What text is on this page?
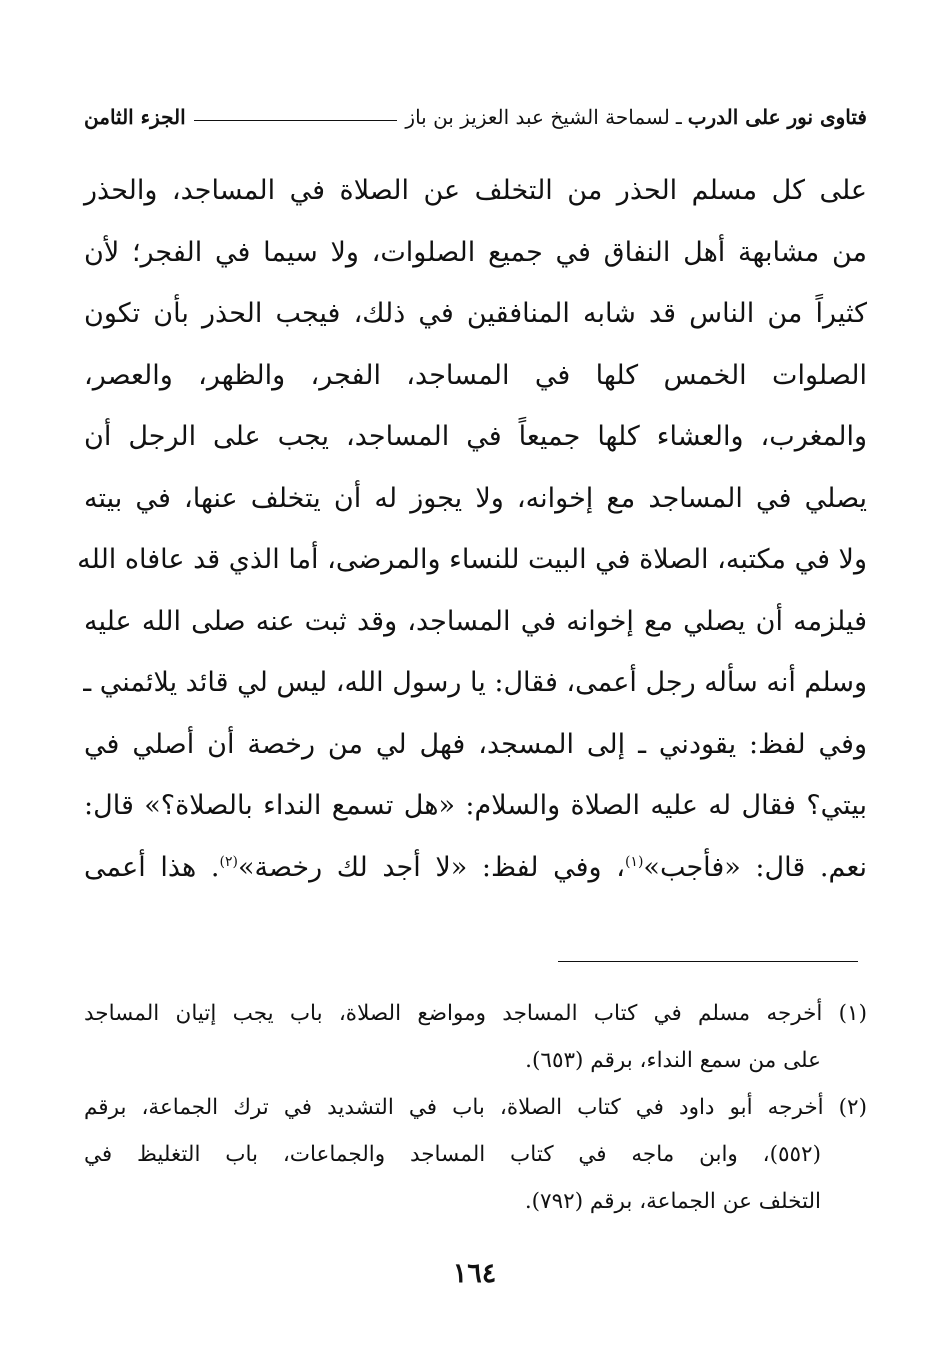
فتاوى نور على الدرب
ـ
لسماحة الشيخ عبد العزيز بن باز
الجزء الثامن
على كل مسلم الحذر من التخلف عن الصلاة في المساجد، والحذر
من مشابهة أهل النفاق في جميع الصلوات، ولا سيما في الفجر؛ لأن
كثيراً من الناس قد شابه المنافقين في ذلك، فيجب الحذر بأن تكون
الصلوات الخمس كلها في المساجد، الفجر، والظهر، والعصر،
والمغرب، والعشاء كلها جميعاً في المساجد، يجب على الرجل أن
يصلي في المساجد مع إخوانه، ولا يجوز له أن يتخلف عنها، في بيته
ولا في مكتبه، الصلاة في البيت للنساء والمرضى، أما الذي قد عافاه الله
فيلزمه أن يصلي مع إخوانه في المساجد، وقد ثبت عنه صلى الله عليه
وسلم أنه سأله رجل أعمى، فقال: يا رسول الله، ليس لي قائد يلائمني ـ
وفي لفظ: يقودني ـ إلى المسجد، فهل لي من رخصة أن أصلي في
بيتي؟ فقال له عليه الصلاة والسلام: «هل تسمع النداء بالصلاة؟» قال:
نعم. قال: «فأجب»$^{(١)}$، وفي لفظ: «لا أجد لك رخصة»$^{(٢)}$. هذا أعمى
(١) أخرجه مسلم في كتاب المساجد ومواضع الصلاة، باب يجب إتيان المساجد
على من سمع النداء، برقم (٦٥٣).
(٢) أخرجه أبو داود في كتاب الصلاة، باب في التشديد في ترك الجماعة، برقم
(٥٥٢)، وابن ماجه في كتاب المساجد والجماعات، باب التغليظ في
التخلف عن الجماعة، برقم (٧٩٢).
١٦٤
